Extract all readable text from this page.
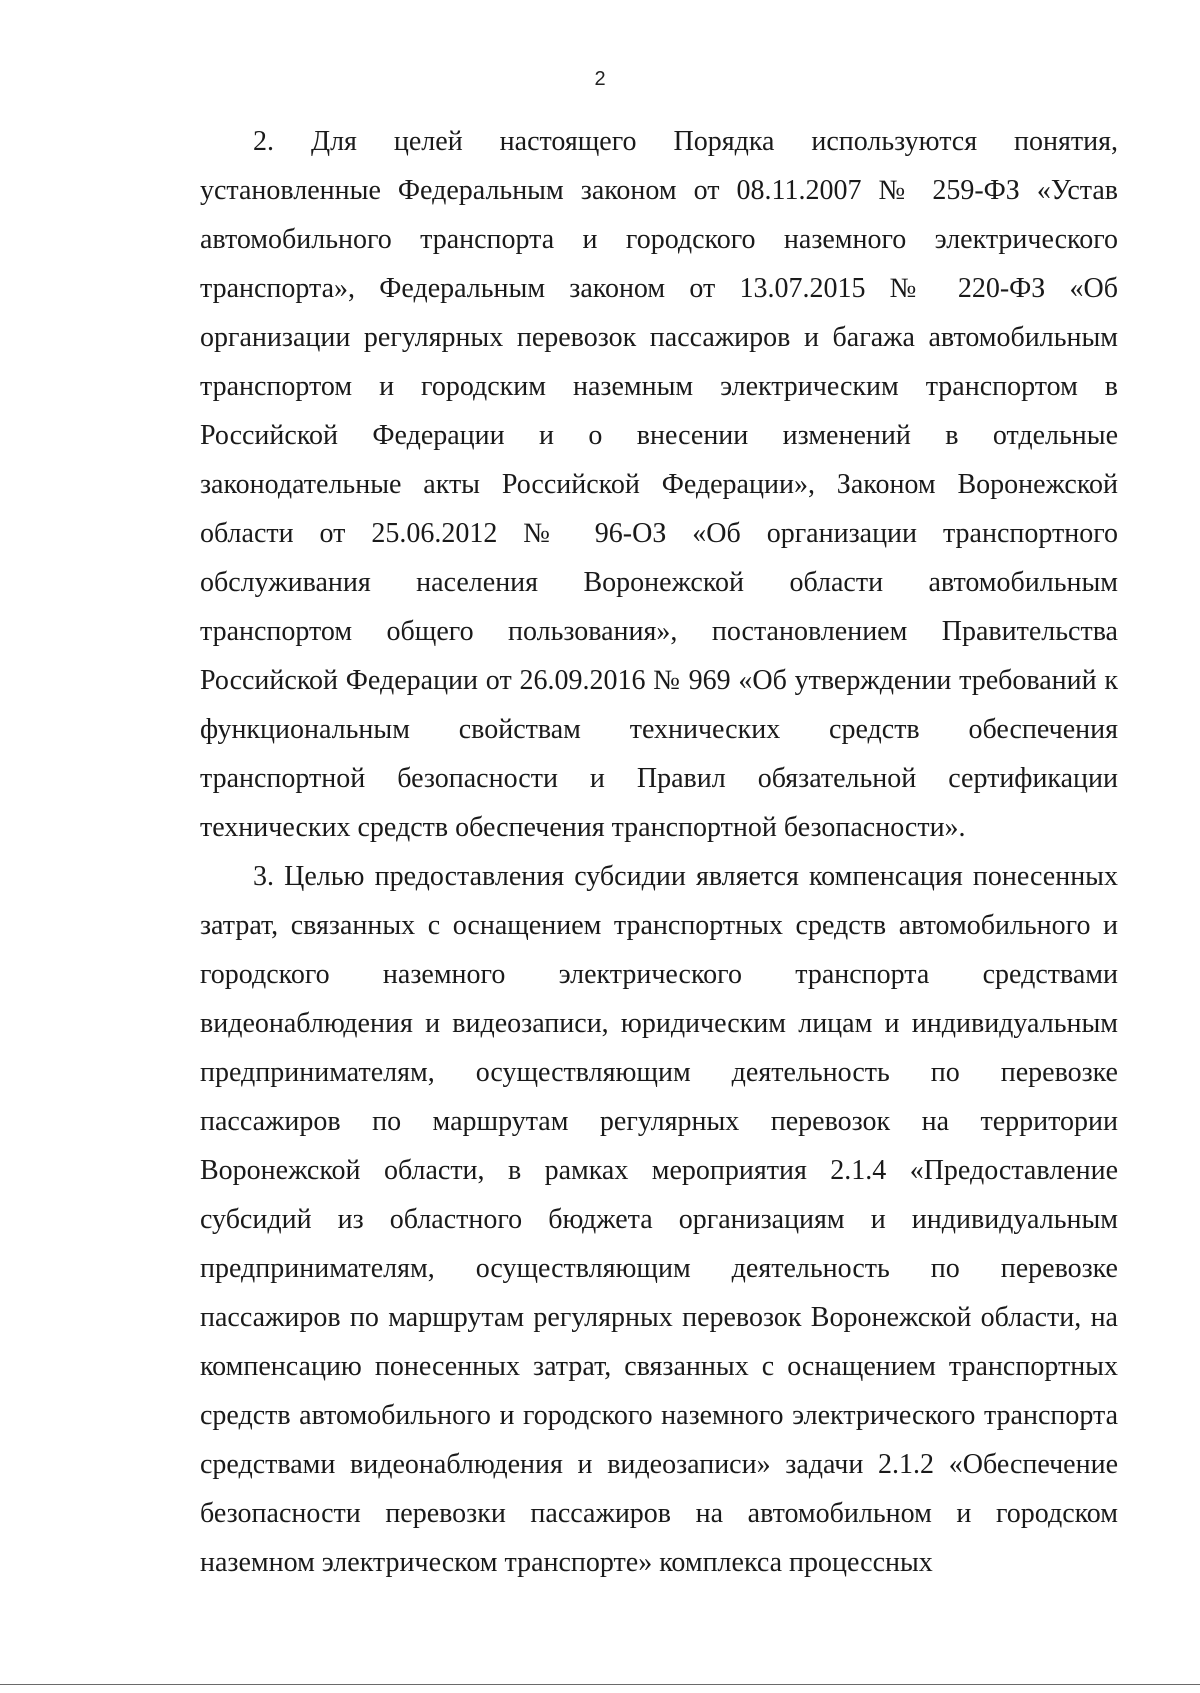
2

2. Для целей настоящего Порядка используются понятия, установленные Федеральным законом от 08.11.2007 № 259-ФЗ «Устав автомобильного транспорта и городского наземного электрического транспорта», Федеральным законом от 13.07.2015 № 220-ФЗ «Об организации регулярных перевозок пассажиров и багажа автомобильным транспортом и городским наземным электрическим транспортом в Российской Федерации и о внесении изменений в отдельные законодательные акты Российской Федерации», Законом Воронежской области от 25.06.2012 № 96-ОЗ «Об организации транспортного обслуживания населения Воронежской области автомобильным транспортом общего пользования», постановлением Правительства Российской Федерации от 26.09.2016 № 969 «Об утверждении требований к функциональным свойствам технических средств обеспечения транспортной безопасности и Правил обязательной сертификации технических средств обеспечения транспортной безопасности».

3. Целью предоставления субсидии является компенсация понесенных затрат, связанных с оснащением транспортных средств автомобильного и городского наземного электрического транспорта средствами видеонаблюдения и видеозаписи, юридическим лицам и индивидуальным предпринимателям, осуществляющим деятельность по перевозке пассажиров по маршрутам регулярных перевозок на территории Воронежской области, в рамках мероприятия 2.1.4 «Предоставление субсидий из областного бюджета организациям и индивидуальным предпринимателям, осуществляющим деятельность по перевозке пассажиров по маршрутам регулярных перевозок Воронежской области, на компенсацию понесенных затрат, связанных с оснащением транспортных средств автомобильного и городского наземного электрического транспорта средствами видеонаблюдения и видеозаписи» задачи 2.1.2 «Обеспечение безопасности перевозки пассажиров на автомобильном и городском наземном электрическом транспорте» комплекса процессных
